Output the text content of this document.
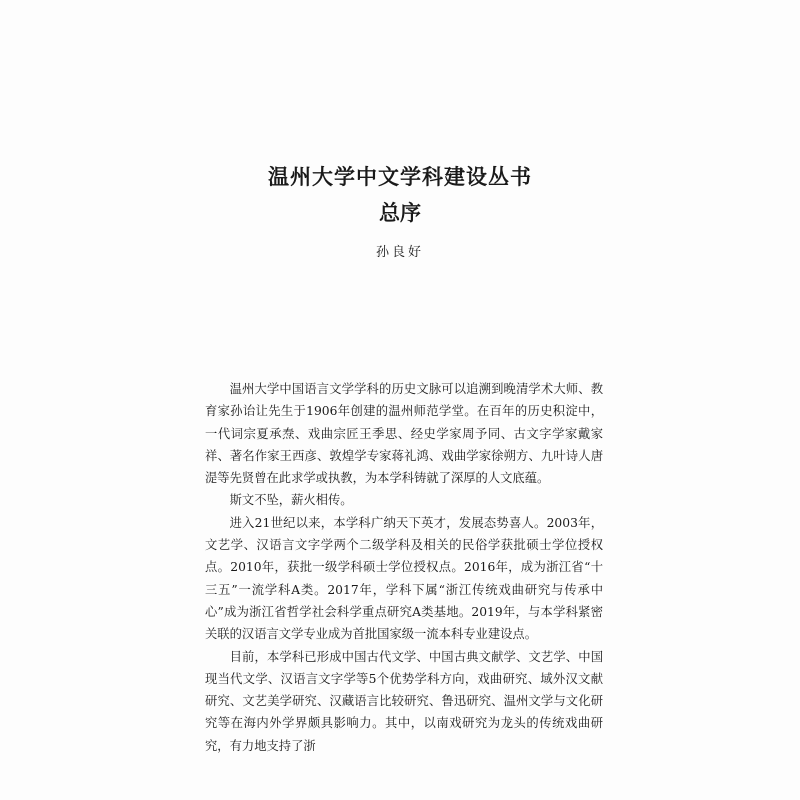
温州大学中文学科建设丛书
总序
孙良好

温州大学中国语言文学学科的历史文脉可以追溯到晚清学术大师、教育家孙诒让先生于1906年创建的温州师范学堂。在百年的历史积淀中，一代词宗夏承焘、戏曲宗匠王季思、经史学家周予同、古文字学家戴家祥、著名作家王西彦、敦煌学专家蒋礼鸿、戏曲学家徐朔方、九叶诗人唐湜等先贤曾在此求学或执教，为本学科铸就了深厚的人文底蕴。

斯文不坠，薪火相传。

进入21世纪以来，本学科广纳天下英才，发展态势喜人。2003年，文艺学、汉语言文字学两个二级学科及相关的民俗学获批硕士学位授权点。2010年，获批一级学科硕士学位授权点。2016年，成为浙江省“十三五”一流学科A类。2017年，学科下属“浙江传统戏曲研究与传承中心”成为浙江省哲学社会科学重点研究A类基地。2019年，与本学科紧密关联的汉语言文学专业成为首批国家级一流本科专业建设点。

目前，本学科已形成中国古代文学、中国古典文献学、文艺学、中国现当代文学、汉语言文字学等5个优势学科方向，戏曲研究、域外汉文献研究、文艺美学研究、汉藏语言比较研究、鲁迅研究、温州文学与文化研究等在海内外学界颇具影响力。其中，以南戏研究为龙头的传统戏曲研究，有力地支持了浙
